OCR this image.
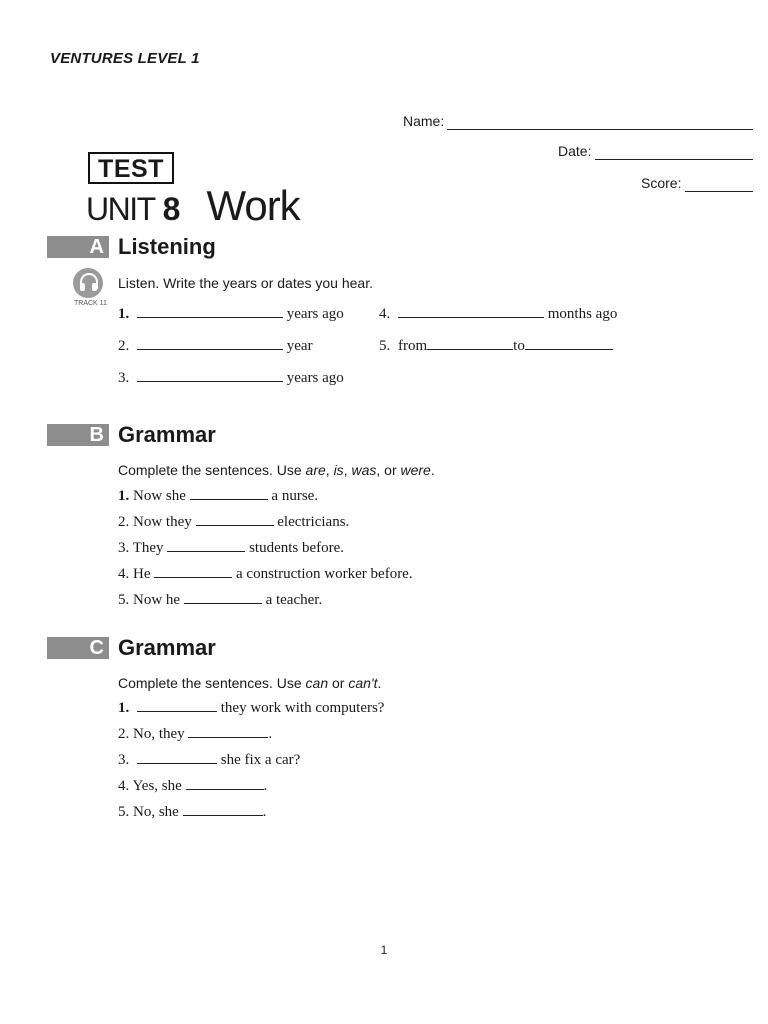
VENTURES LEVEL 1
Name:
Date:
Score:
TEST
UNIT 8 Work
A Listening
TRACK 11
Listen. Write the years or dates you hear.
1.	years ago
2.	year
3.	years ago
4.	months ago
5. from	to
B Grammar
Complete the sentences. Use are, is, was, or were.
1. Now she	a nurse.
2. Now they	electricians.
3. They	students before.
4. He	a construction worker before.
5. Now he	a teacher.
C Grammar
Complete the sentences. Use can or can't.
1.	they work with computers?
2. No, they	.
3.	she fix a car?
4. Yes, she	.
5. No, she	.
1
